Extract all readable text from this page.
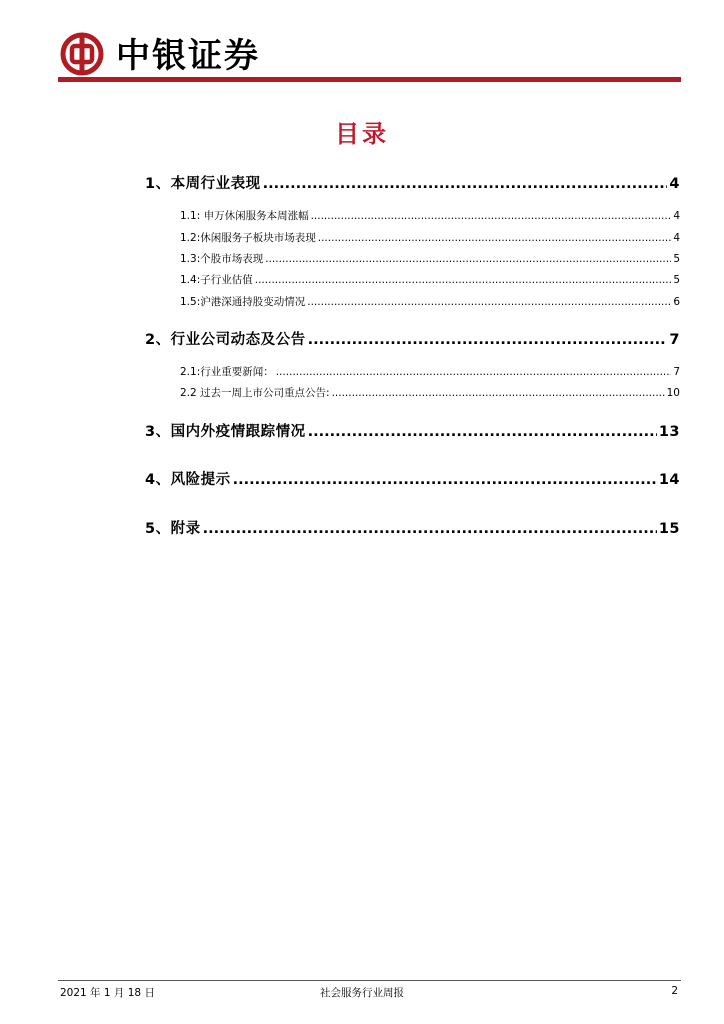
中银证券
目录
1、本周行业表现 .....	4
1.1: 申万休闲服务本周涨幅 .....	4
1.2:休闲服务子板块市场表现 .....	4
1.3:个股市场表现 .....	5
1.4:子行业估值 .....	5
1.5:沪港深通持股变动情况 .....	6
2、行业公司动态及公告 .....	7
2.1:行业重要新闻： .....	7
2.2 过去一周上市公司重点公告: .....	10
3、国内外疫情跟踪情况 .....	13
4、风险提示 .....	14
5、附录 .....	15
2021 年 1 月 18 日	社会服务行业周报	2
